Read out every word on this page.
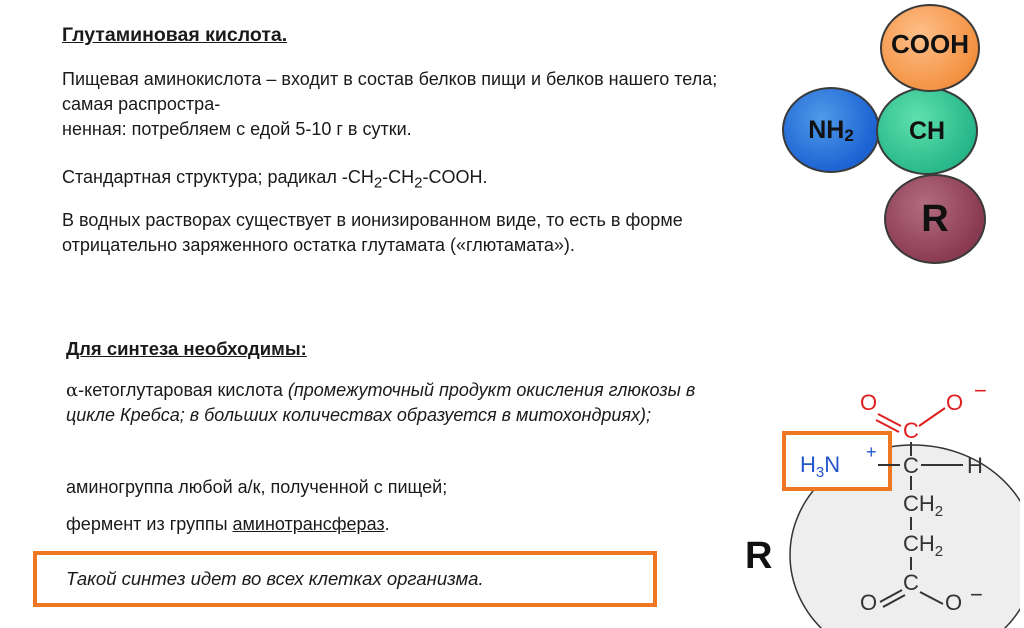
Глутаминовая кислота.
Пищевая аминокислота – входит в состав белков пищи и белков нашего тела; самая распростра-
ненная: потребляем с едой 5-10 г в сутки.
Стандартная структура; радикал $-CH_2-CH_2$-COOH.
В водных растворах существует в ионизированном виде, то есть в форме отрицательно заряженного остатка глутамата («глютамата»).
Для синтеза необходимы:
α-кетоглутаровая кислота (промежуточный продукт окисления глюкозы в цикле Кребса; в больших количествах образуется в митохондриях);
аминогруппа любой а/к, полученной с пищей;
фермент из группы аминотрансфераз.
Такой синтез идет во всех клетках организма.
$NH_2$ CH
R
COOH
R
O	O −
C
$H_3N$ +
C H
$CH_2$
$CH_2$
C
O	O −
